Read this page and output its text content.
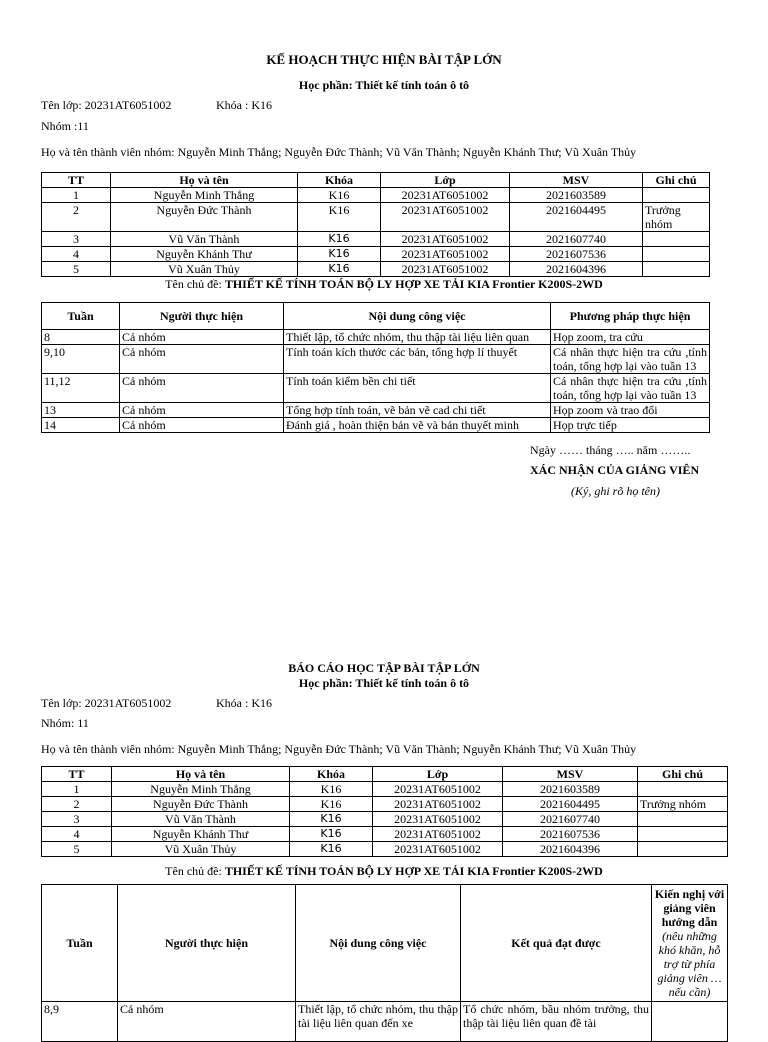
KẾ HOẠCH THỰC HIỆN BÀI TẬP LỚN
Học phần: Thiết kế tính toán ô tô
Tên lớp: 20231AT6051002	Khóa : K16
Nhóm :11
Họ và tên thành viên nhóm: Nguyễn Minh Thắng; Nguyễn Đức Thành; Vũ Văn Thành; Nguyễn Khánh Thư; Vũ Xuân Thủy
TT	Họ và tên	Khóa	Lớp	MSV	Ghi chú
1	Nguyễn Minh Thắng	K16	20231AT6051002	2021603589	
2	Nguyễn Đức Thành	K16	20231AT6051002	2021604495	Trưởng nhóm
3	Vũ Văn Thành	K16	20231AT6051002	2021607740	
4	Nguyễn Khánh Thư	K16	20231AT6051002	2021607536	
5	Vũ Xuân Thủy	K16	20231AT6051002	2021604396	
Tên chủ đề: THIẾT KẾ TÍNH TOÁN BỘ LY HỢP XE TẢI KIA Frontier K200S-2WD
Tuần	Người thực hiện	Nội dung công việc	Phương pháp thực hiện
8	Cả nhóm	Thiết lập, tổ chức nhóm, thu thập tài liệu liên quan	Họp zoom, tra cứu
9,10	Cả nhóm	Tính toán kích thước các bản, tổng hợp lí thuyết	Cá nhân thực hiện tra cứu ,tính toán, tổng hợp lại vào tuần 13
11,12	Cả nhóm	Tính toán kiểm bền chi tiết	Cá nhân thực hiện tra cứu ,tính toán, tổng hợp lại vào tuần 13
13	Cả nhóm	Tổng hợp tính toán, vẽ bản vẽ cad chi tiết	Họp zoom và trao đổi
14	Cả nhóm	Đánh giá , hoàn thiện bản vẽ và bản thuyết minh	Họp trực tiếp
Ngày …… tháng ….. năm ……..
XÁC NHẬN CỦA GIẢNG VIÊN
(Ký, ghi rõ họ tên)
BÁO CÁO HỌC TẬP BÀI TẬP LỚN
Học phần: Thiết kế tính toán ô tô
Tên lớp: 20231AT6051002	Khóa : K16
Nhóm: 11
Họ và tên thành viên nhóm: Nguyễn Minh Thắng; Nguyễn Đức Thành; Vũ Văn Thành; Nguyễn Khánh Thư; Vũ Xuân Thủy
TT	Họ và tên	Khóa	Lớp	MSV	Ghi chú
1	Nguyễn Minh Thắng	K16	20231AT6051002	2021603589	
2	Nguyễn Đức Thành	K16	20231AT6051002	2021604495	Trưởng nhóm
3	Vũ Văn Thành	K16	20231AT6051002	2021607740	
4	Nguyễn Khánh Thư	K16	20231AT6051002	2021607536	
5	Vũ Xuân Thủy	K16	20231AT6051002	2021604396	
Tên chủ đề: THIẾT KẾ TÍNH TOÁN BỘ LY HỢP XE TẢI KIA Frontier K200S-2WD
Tuần	Người thực hiện	Nội dung công việc	Kết quả đạt được	Kiến nghị với giảng viên hướng dẫn
(nêu những khó khăn, hỗ trợ từ phía giảng viên … nếu cần)

8,9	Cả nhóm	Thiết lập, tổ chức nhóm, thu thập tài liệu liên quan đến xe	Tổ chức nhóm, bầu nhóm trưởng, thu thập tài liệu liên quan đề tài	
